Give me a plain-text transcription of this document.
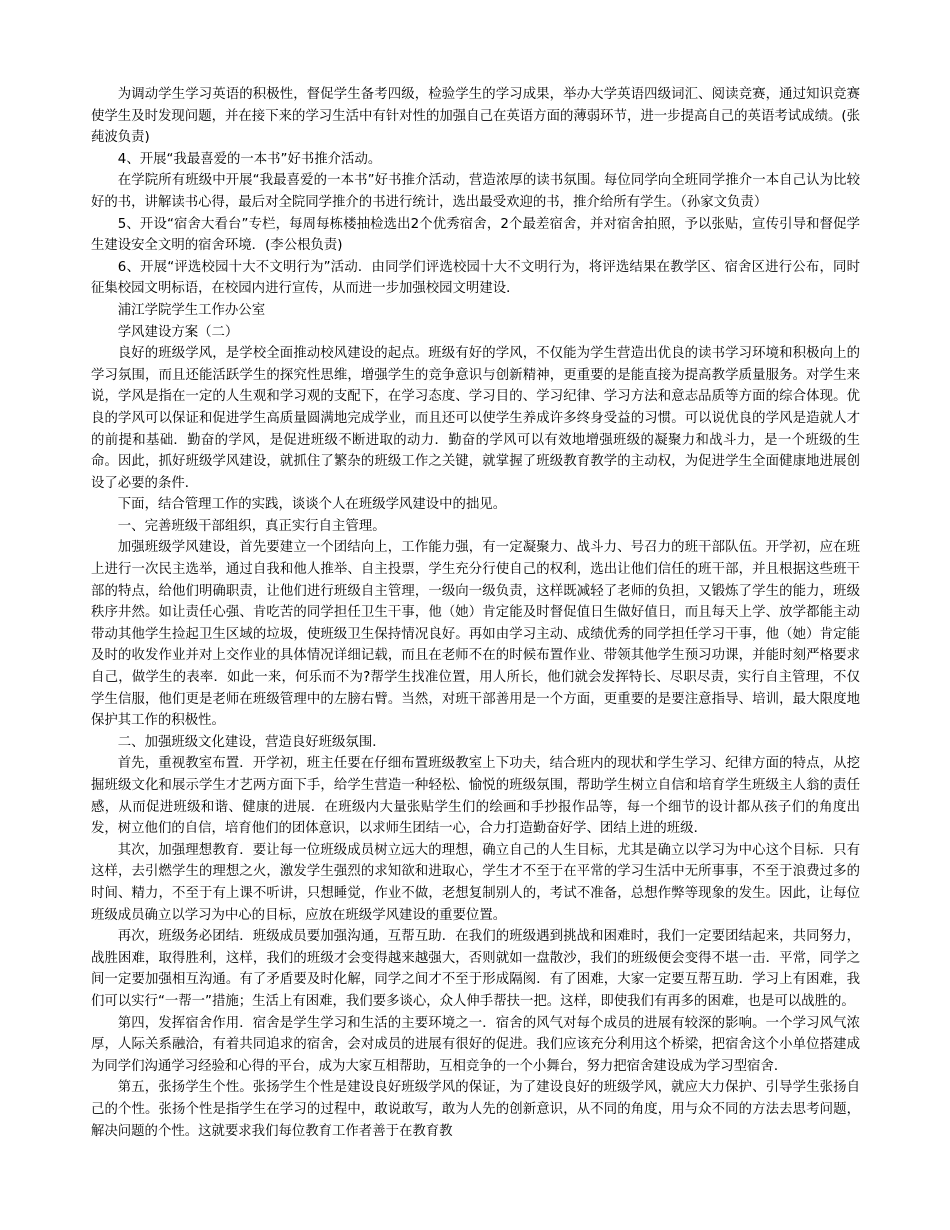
为调动学生学习英语的积极性，督促学生备考四级，检验学生的学习成果，举办大学英语四级词汇、阅读竞赛，通过知识竞赛使学生及时发现问题，并在接下来的学习生活中有针对性的加强自己在英语方面的薄弱环节，进一步提高自己的英语考试成绩。(张莼波负责)

4、开展“我最喜爱的一本书”好书推介活动。

在学院所有班级中开展“我最喜爱的一本书”好书推介活动，营造浓厚的读书氛围。每位同学向全班同学推介一本自己认为比较好的书，讲解读书心得，最后对全院同学推介的书进行统计，选出最受欢迎的书，推介给所有学生。（孙家文负责）

5、开设“宿舍大看台”专栏，每周每栋楼抽检选出2个优秀宿舍，2个最差宿舍，并对宿舍拍照，予以张贴，宣传引导和督促学生建设安全文明的宿舍环境．(李公根负责)

6、开展“评选校园十大不文明行为”活动．由同学们评选校园十大不文明行为，将评选结果在教学区、宿舍区进行公布，同时征集校园文明标语，在校园内进行宣传，从而进一步加强校园文明建设．

浦江学院学生工作办公室

学风建设方案（二）

良好的班级学风，是学校全面推动校风建设的起点。班级有好的学风，不仅能为学生营造出优良的读书学习环境和积极向上的学习氛围，而且还能活跃学生的探究性思维，增强学生的竞争意识与创新精神，更重要的是能直接为提高教学质量服务。对学生来说，学风是指在一定的人生观和学习观的支配下，在学习态度、学习目的、学习纪律、学习方法和意志品质等方面的综合体现。优良的学风可以保证和促进学生高质量圆满地完成学业，而且还可以使学生养成许多终身受益的习惯。可以说优良的学风是造就人才的前提和基础．勤奋的学风，是促进班级不断进取的动力．勤奋的学风可以有效地增强班级的凝聚力和战斗力，是一个班级的生命。因此，抓好班级学风建设，就抓住了繁杂的班级工作之关键，就掌握了班级教育教学的主动权，为促进学生全面健康地进展创设了必要的条件．

下面，结合管理工作的实践，谈谈个人在班级学风建设中的拙见。

一、完善班级干部组织，真正实行自主管理。

加强班级学风建设，首先要建立一个团结向上，工作能力强，有一定凝聚力、战斗力、号召力的班干部队伍。开学初，应在班上进行一次民主选举，通过自我和他人推举、自主投票，学生充分行使自己的权利，选出让他们信任的班干部，并且根据这些班干部的特点，给他们明确职责，让他们进行班级自主管理，一级向一级负责，这样既减轻了老师的负担，又锻炼了学生的能力，班级秩序井然。如让责任心强、肯吃苦的同学担任卫生干事，他（她）肯定能及时督促值日生做好值日，而且每天上学、放学都能主动带动其他学生捡起卫生区域的垃圾，使班级卫生保持情况良好。再如由学习主动、成绩优秀的同学担任学习干事，他（她）肯定能及时的收发作业并对上交作业的具体情况详细记载，而且在老师不在的时候布置作业、带领其他学生预习功课，并能时刻严格要求自己，做学生的表率．如此一来，何乐而不为?帮学生找准位置，用人所长，他们就会发挥特长、尽职尽责，实行自主管理，不仅学生信服，他们更是老师在班级管理中的左膀右臂。当然，对班干部善用是一个方面，更重要的是要注意指导、培训，最大限度地保护其工作的积极性。

二、加强班级文化建设，营造良好班级氛围．

首先，重视教室布置．开学初，班主任要在仔细布置班级教室上下功夫，结合班内的现状和学生学习、纪律方面的特点，从挖掘班级文化和展示学生才艺两方面下手，给学生营造一种轻松、愉悦的班级氛围，帮助学生树立自信和培育学生班级主人翁的责任感，从而促进班级和谐、健康的进展．在班级内大量张贴学生们的绘画和手抄报作品等，每一个细节的设计都从孩子们的角度出发，树立他们的自信，培育他们的团体意识，以求师生团结一心，合力打造勤奋好学、团结上进的班级．

其次，加强理想教育．要让每一位班级成员树立远大的理想，确立自己的人生目标，尤其是确立以学习为中心这个目标．只有这样，去引燃学生的理想之火，激发学生强烈的求知欲和进取心，学生才不至于在平常的学习生活中无所事事，不至于浪费过多的时间、精力，不至于有上课不听讲，只想睡觉，作业不做，老想复制别人的，考试不准备，总想作弊等现象的发生。因此，让每位班级成员确立以学习为中心的目标，应放在班级学风建设的重要位置。

再次，班级务必团结．班级成员要加强沟通，互帮互助．在我们的班级遇到挑战和困难时，我们一定要团结起来，共同努力，战胜困难，取得胜利，这样，我们的班级才会变得越来越强大，否则就如一盘散沙，我们的班级便会变得不堪一击．平常，同学之间一定要加强相互沟通。有了矛盾要及时化解，同学之间才不至于形成隔阂．有了困难，大家一定要互帮互助．学习上有困难，我们可以实行“一帮一”措施；生活上有困难，我们要多谈心，众人伸手帮扶一把。这样，即使我们有再多的困难，也是可以战胜的。

第四，发挥宿舍作用．宿舍是学生学习和生活的主要环境之一．宿舍的风气对每个成员的进展有较深的影响。一个学习风气浓厚，人际关系融洽，有着共同追求的宿舍，会对成员的进展有很好的促进。我们应该充分利用这个桥梁，把宿舍这个小单位搭建成为同学们沟通学习经验和心得的平台，成为大家互相帮助，互相竞争的一个小舞台，努力把宿舍建设成为学习型宿舍．

第五，张扬学生个性。张扬学生个性是建设良好班级学风的保证，为了建设良好的班级学风，就应大力保护、引导学生张扬自己的个性。张扬个性是指学生在学习的过程中，敢说敢写，敢为人先的创新意识，从不同的角度，用与众不同的方法去思考问题，解决问题的个性。这就要求我们每位教育工作者善于在教育教
